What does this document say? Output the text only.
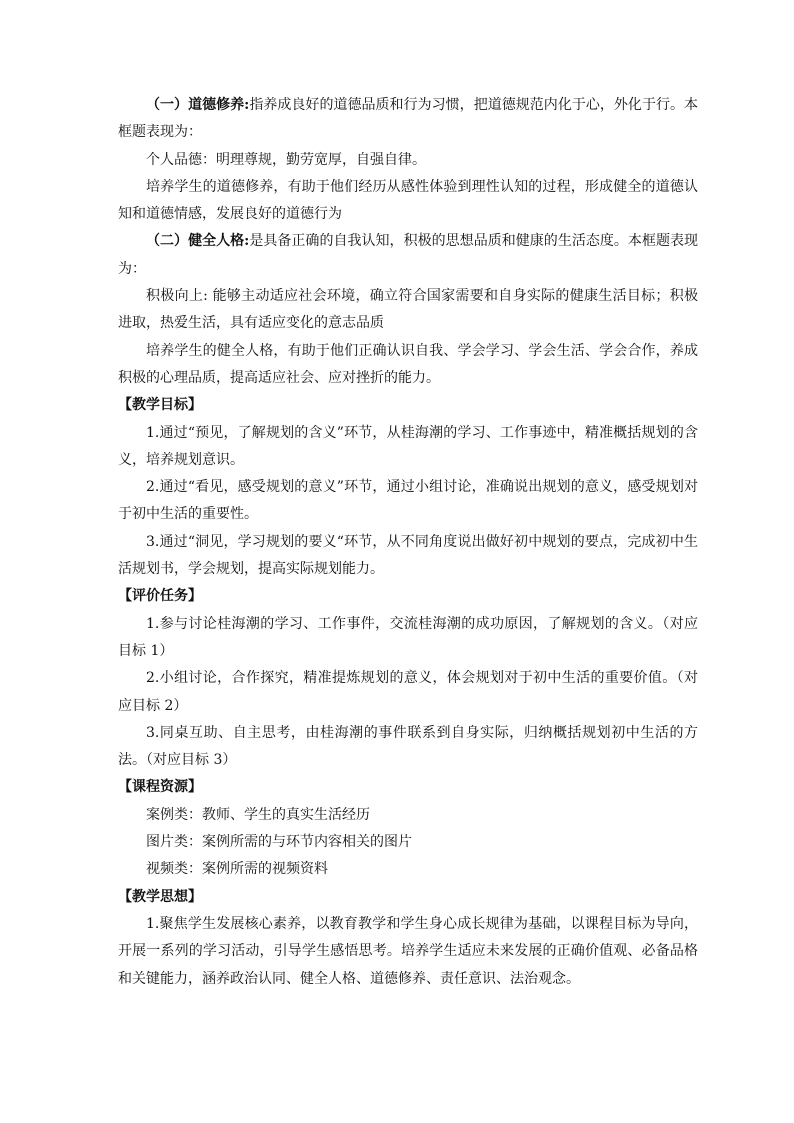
（一）道德修养:指养成良好的道德品质和行为习惯，把道德规范内化于心，外化于行。本框题表现为：

个人品德：明理尊规，勤劳宽厚，自强自律。

培养学生的道德修养，有助于他们经历从感性体验到理性认知的过程，形成健全的道德认知和道德情感，发展良好的道德行为

（二）健全人格:是具备正确的自我认知，积极的思想品质和健康的生活态度。本框题表现为：

积极向上: 能够主动适应社会环境，确立符合国家需要和自身实际的健康生活目标；积极进取，热爱生活，具有适应变化的意志品质

培养学生的健全人格，有助于他们正确认识自我、学会学习、学会生活、学会合作，养成积极的心理品质，提高适应社会、应对挫折的能力。

【教学目标】

1.通过“预见，了解规划的含义”环节，从桂海潮的学习、工作事迹中，精准概括规划的含义，培养规划意识。

2.通过“看见，感受规划的意义”环节，通过小组讨论，准确说出规划的意义，感受规划对于初中生活的重要性。

3.通过“洞见，学习规划的要义“环节，从不同角度说出做好初中规划的要点，完成初中生活规划书，学会规划，提高实际规划能力。

【评价任务】

1.参与讨论桂海潮的学习、工作事件，交流桂海潮的成功原因，了解规划的含义。（对应目标 1）

2.小组讨论，合作探究，精准提炼规划的意义，体会规划对于初中生活的重要价值。（对应目标 2）

3.同桌互助、自主思考，由桂海潮的事件联系到自身实际，归纳概括规划初中生活的方法。（对应目标 3）

【课程资源】

案例类：教师、学生的真实生活经历

图片类：案例所需的与环节内容相关的图片

视频类：案例所需的视频资料

【教学思想】

1.聚焦学生发展核心素养，以教育教学和学生身心成长规律为基础，以课程目标为导向，开展一系列的学习活动，引导学生感悟思考。培养学生适应未来发展的正确价值观、必备品格和关键能力，涵养政治认同、健全人格、道德修养、责任意识、法治观念。
